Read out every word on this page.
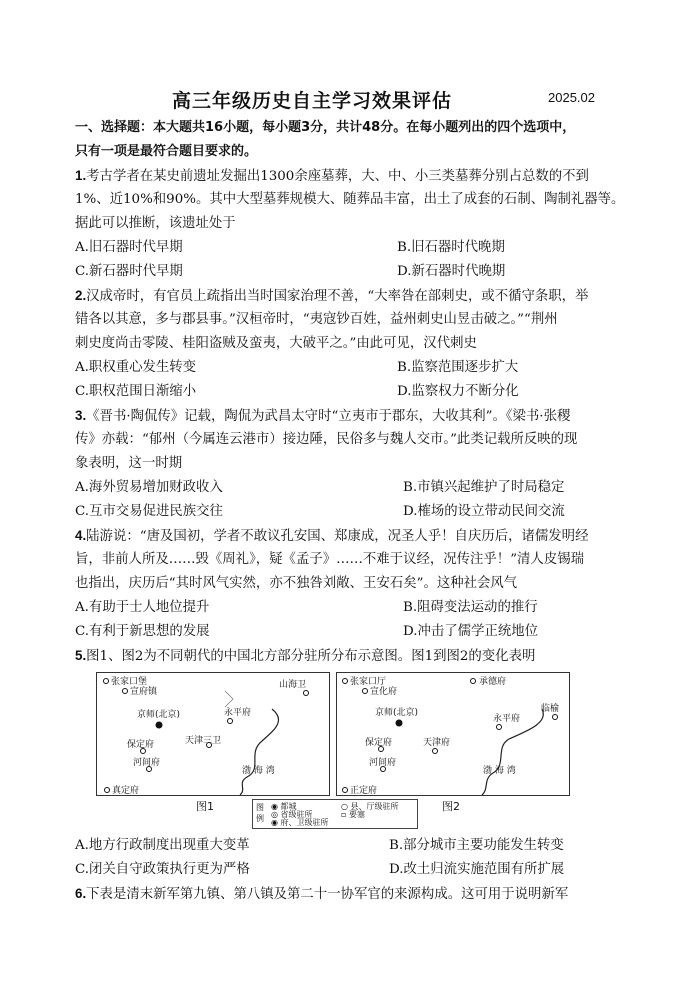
高三年级历史自主学习效果评估	2025.02
一、选择题：本大题共16小题，每小题3分，共计48分。在每小题列出的四个选项中，
只有一项是最符合题目要求的。
1.考古学者在某史前遗址发掘出1300余座墓葬，大、中、小三类墓葬分别占总数的不到
1%、近10%和90%。其中大型墓葬规模大、随葬品丰富，出土了成套的石制、陶制礼器等。
据此可以推断，该遗址处于
A.旧石器时代早期	B.旧石器时代晚期
C.新石器时代早期	D.新石器时代晚期
2.汉成帝时，有官员上疏指出当时国家治理不善，“大率咎在部刺史，或不循守条职，举
错各以其意，多与郡县事。”汉桓帝时，“夷寇钞百姓，益州刺史山昱击破之。”“荆州
刺史度尚击零陵、桂阳盗贼及蛮夷，大破平之。”由此可见，汉代刺史
A.职权重心发生转变	B.监察范围逐步扩大
C.职权范围日渐缩小	D.监察权力不断分化
3.《晋书·陶侃传》记载，陶侃为武昌太守时“立夷市于郡东，大收其利”。《梁书·张稷
传》亦载：“郁州（今属连云港市）接边陲，民俗多与魏人交市。”此类记载所反映的现
象表明，这一时期
A.海外贸易增加财政收入	B.市镇兴起维护了时局稳定
C.互市交易促进民族交往	D.榷场的设立带动民间交流
4.陆游说：“唐及国初，学者不敢议孔安国、郑康成，况圣人乎！自庆历后，诸儒发明经
旨，非前人所及……毁《周礼》，疑《孟子》……不难于议经，况传注乎！”清人皮锡瑞
也指出，庆历后“其时风气实然，亦不独咎刘敞、王安石矣”。这种社会风气
A.有助于士人地位提升	B.阻碍变法运动的推行
C.有利于新思想的发展	D.冲击了儒学正统地位
5.图1、图2为不同朝代的中国北方部分驻所分布示意图。图1到图2的变化表明
张家口堡
宣府镇
山海卫
京师(北京)	永平府
天津三卫
保定府
河间府
渤 海 湾
真定府
图1
张家口厅
宣化府
承德府
京师(北京)	临榆
永平府
保定府	天津府
河间府
渤 海 湾
正定府
图2
图例
◉ 都城	○ 县、厅级驻所
◎ 省级驻所	▫ 要塞
◉ 府、卫级驻所
A.地方行政制度出现重大变革	B.部分城市主要功能发生转变
C.闭关自守政策执行更为严格	D.改土归流实施范围有所扩展
6.下表是清末新军第九镇、第八镇及第二十一协军官的来源构成。这可用于说明新军
